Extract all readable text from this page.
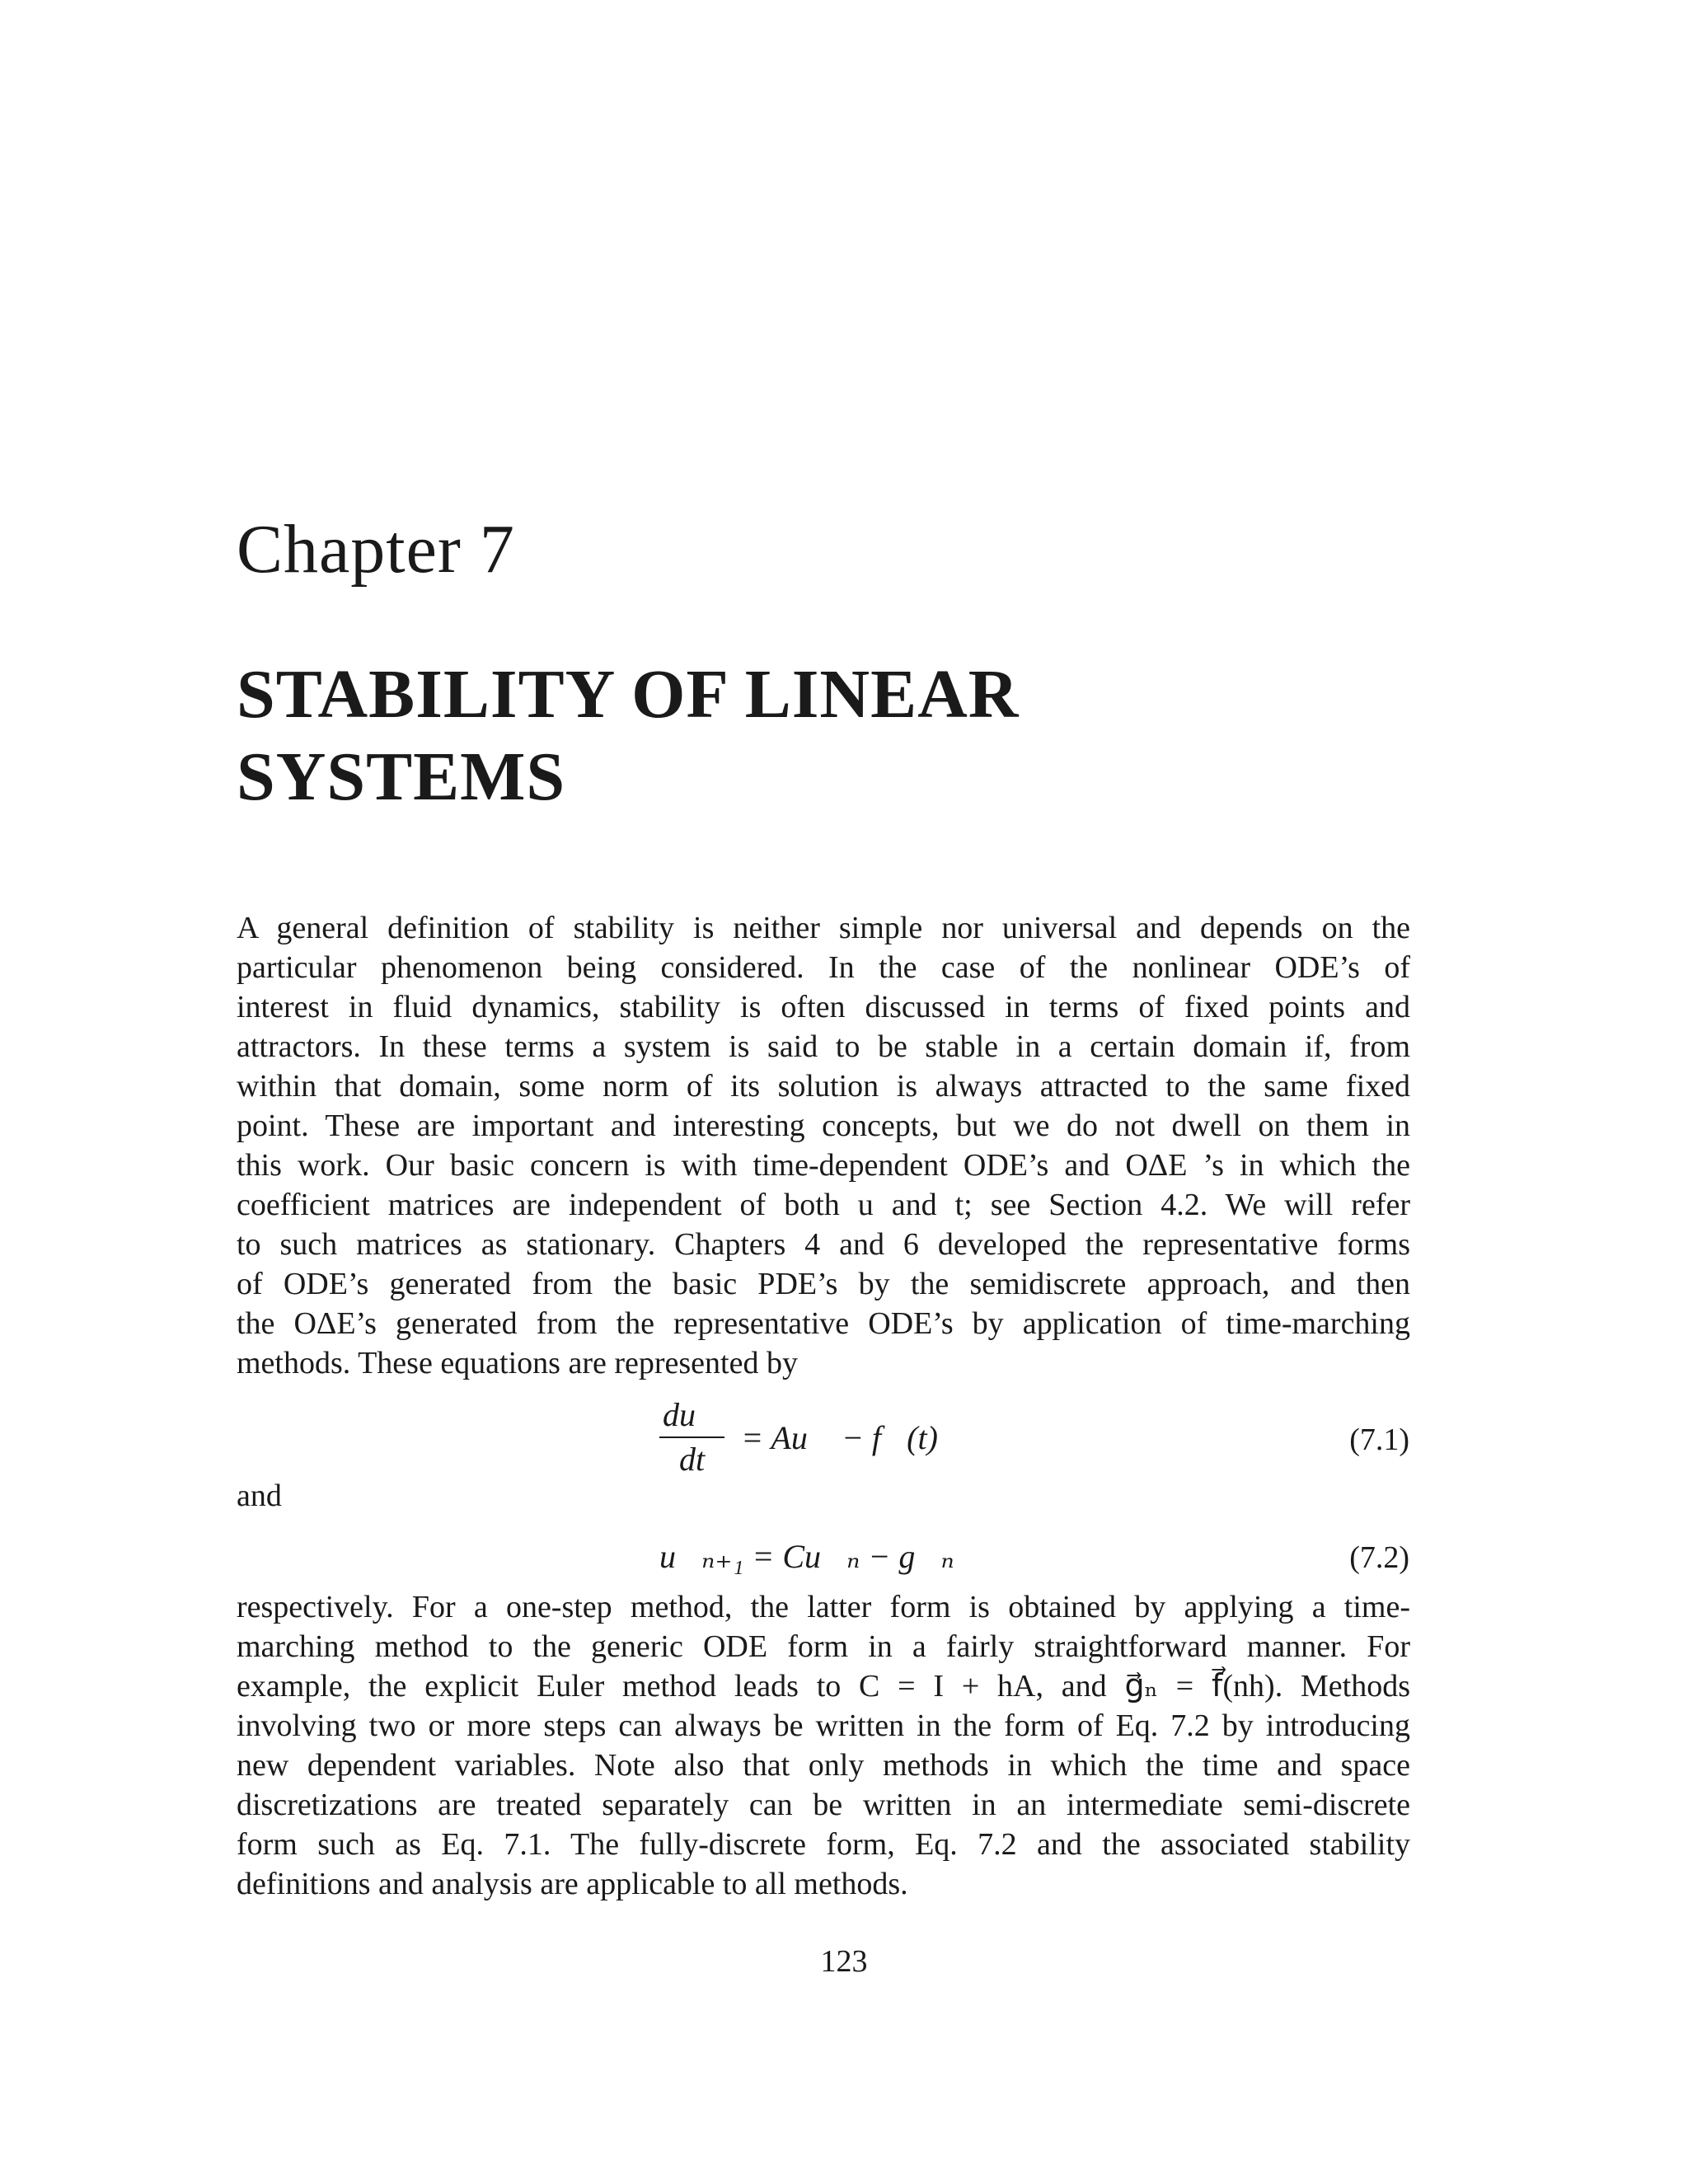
Chapter 7
STABILITY OF LINEAR
SYSTEMS
A general definition of stability is neither simple nor universal and depends on the
particular phenomenon being considered. In the case of the nonlinear ODE’s of
interest in fluid dynamics, stability is often discussed in terms of fixed points and
attractors. In these terms a system is said to be stable in a certain domain if, from
within that domain, some norm of its solution is always attracted to the same fixed
point. These are important and interesting concepts, but we do not dwell on them in
this work. Our basic concern is with time-dependent ODE’s and OΔE ’s in which the
coefficient matrices are independent of both u and t; see Section 4.2. We will refer
to such matrices as stationary. Chapters 4 and 6 developed the representative forms
of ODE’s generated from the basic PDE’s by the semidiscrete approach, and then
the OΔE’s generated from the representative ODE’s by application of time-marching
methods. These equations are represented by
$\frac{du⃗}{dt}$ = Au⃗ − f⃗(t)	(7.1)

and

u⃗ₙ₊₁ = Cu⃗ₙ − g⃗ₙ	(7.2)
respectively. For a one-step method, the latter form is obtained by applying a time-
marching method to the generic ODE form in a fairly straightforward manner. For
example, the explicit Euler method leads to C = I + hA, and g⃗ₙ = f⃗(nh). Methods
involving two or more steps can always be written in the form of Eq. 7.2 by introducing
new dependent variables. Note also that only methods in which the time and space
discretizations are treated separately can be written in an intermediate semi-discrete
form such as Eq. 7.1. The fully-discrete form, Eq. 7.2 and the associated stability
definitions and analysis are applicable to all methods.
123
